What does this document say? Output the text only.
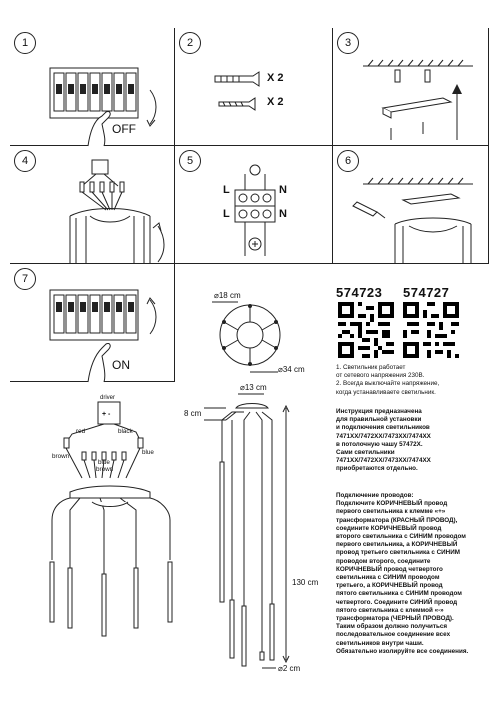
1
OFF
2
X 2
X 2
3
4	5
L
L
N
N
6
7
ON
⌀18 cm
⌀34 cm
⌀13 cm
8 cm
130 cm
⌀2 cm
driver
+ -
red	black
brown
blue
blue
brown
574723 574727
1. Светильник работает
от сетевого напряжения 230В.
2. Всегда выключайте напряжение,
когда устанавливаете светильник.
Инструкция предназначена
для правильной установки
и подключения светильников
7471XX/7472XX/7473XX/7474XX
в потолочную чашу 57472X.
Сами светильники
7471XX/7472XX/7473XX/7474XX
приобретаются отдельно.
Подключение проводов:
Подключите КОРИЧНЕВЫЙ провод
первого светильника к клемме «+»
трансформатора (КРАСНЫЙ ПРОВОД),
соедините КОРИЧНЕВЫЙ провод
второго светильника с СИНИМ проводом
первого светильника, а КОРИЧНЕВЫЙ
провод третьего светильника с СИНИМ
проводом второго, соедините
КОРИЧНЕВЫЙ провод четвертого
светильника с СИНИМ проводом
третьего, а КОРИЧНЕВЫЙ провод
пятого светильника с СИНИМ проводом
четвертого. Соедините СИНИЙ провод
пятого светильника с клеммой «-»
трансформатора (ЧЕРНЫЙ ПРОВОД).
Таким образом должно получиться
последовательное соединение всех
светильников внутри чаши.
Обязательно изолируйте все соединения.
